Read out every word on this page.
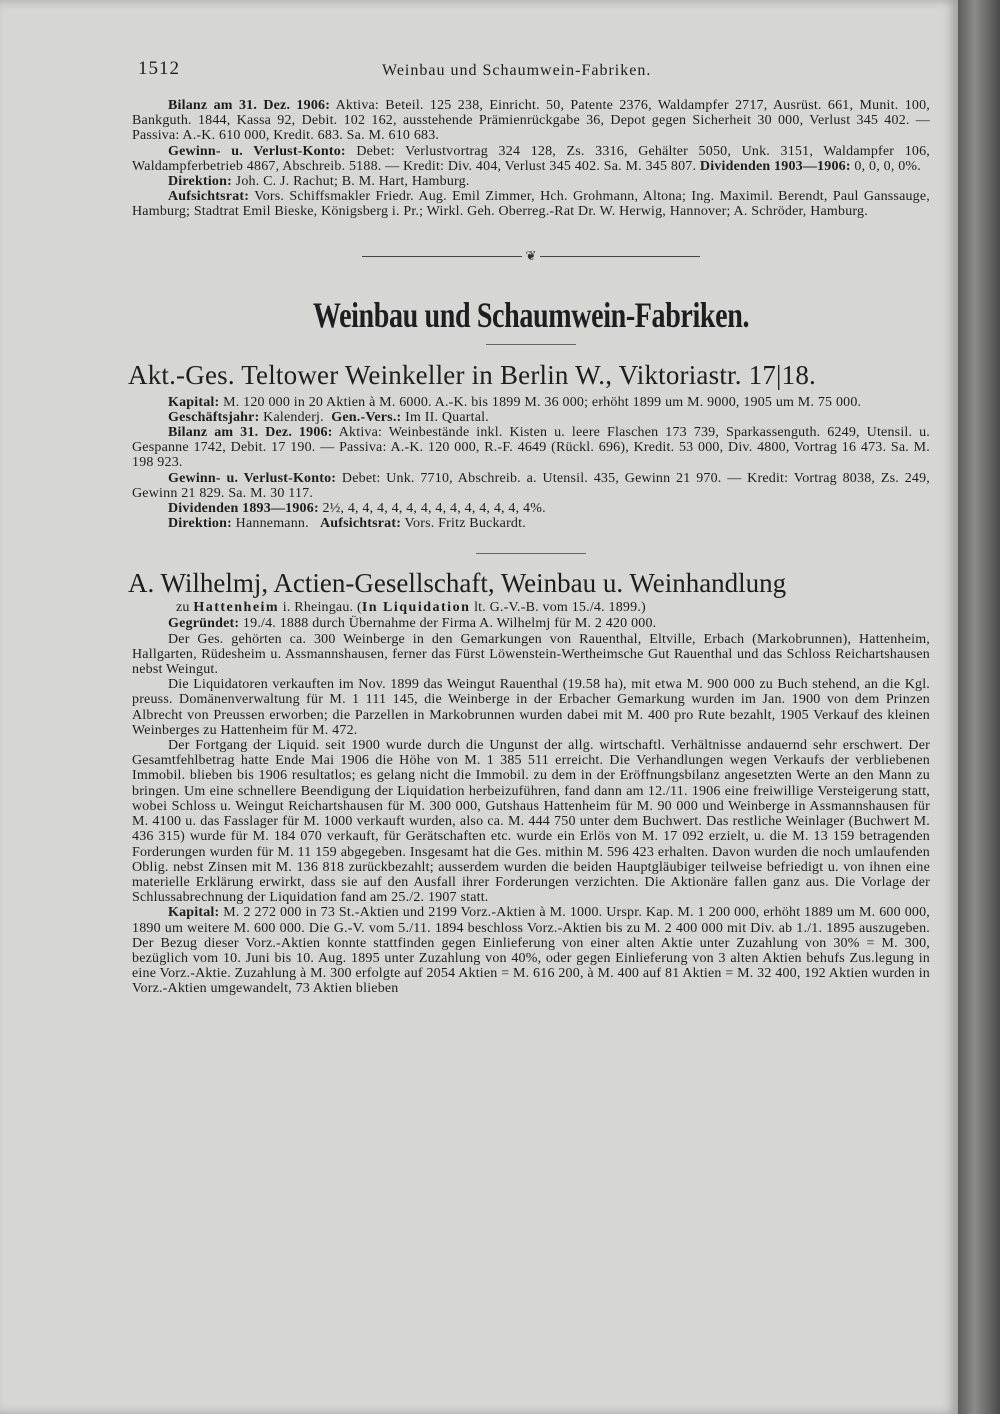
1512	Weinbau und Schaumwein-Fabriken.

Bilanz am 31. Dez. 1906: Aktiva: Beteil. 125 238, Einricht. 50, Patente 2376, Waldampfer 2717, Ausrüst. 661, Munit. 100, Bankguth. 1844, Kassa 92, Debit. 102 162, ausstehende Prämienrückgabe 36, Depot gegen Sicherheit 30 000, Verlust 345 402. — Passiva: A.-K. 610 000, Kredit. 683. Sa. M. 610 683.

Gewinn- u. Verlust-Konto: Debet: Verlustvortrag 324 128, Zs. 3316, Gehälter 5050, Unk. 3151, Waldampfer 106, Waldampferbetrieb 4867, Abschreib. 5188. — Kredit: Div. 404, Verlust 345 402. Sa. M. 345 807. Dividenden 1903—1906: 0, 0, 0, 0%.

Direktion: Joh. C. J. Rachut; B. M. Hart, Hamburg.

Aufsichtsrat: Vors. Schiffsmakler Friedr. Aug. Emil Zimmer, Hch. Grohmann, Altona; Ing. Maximil. Berendt, Paul Ganssauge, Hamburg; Stadtrat Emil Bieske, Königsberg i. Pr.; Wirkl. Geh. Oberreg.-Rat Dr. W. Herwig, Hannover; A. Schröder, Hamburg.

❦
Weinbau und Schaumwein-Fabriken.
Akt.-Ges. Teltower Weinkeller in Berlin W., Viktoriastr. 17|18.

Kapital: M. 120 000 in 20 Aktien à M. 6000. A.-K. bis 1899 M. 36 000; erhöht 1899 um M. 9000, 1905 um M. 75 000.

Geschäftsjahr: Kalenderj. Gen.-Vers.: Im II. Quartal.

Bilanz am 31. Dez. 1906: Aktiva: Weinbestände inkl. Kisten u. leere Flaschen 173 739, Sparkassenguth. 6249, Utensil. u. Gespanne 1742, Debit. 17 190. — Passiva: A.-K. 120 000, R.-F. 4649 (Rückl. 696), Kredit. 53 000, Div. 4800, Vortrag 16 473. Sa. M. 198 923.

Gewinn- u. Verlust-Konto: Debet: Unk. 7710, Abschreib. a. Utensil. 435, Gewinn 21 970. — Kredit: Vortrag 8038, Zs. 249, Gewinn 21 829. Sa. M. 30 117.

Dividenden 1893—1906: 2½, 4, 4, 4, 4, 4, 4, 4, 4, 4, 4, 4, 4, 4%.

Direktion: Hannemann. Aufsichtsrat: Vors. Fritz Buckardt.

A. Wilhelmj, Actien-Gesellschaft, Weinbau u. Weinhandlung

zu Hattenheim i. Rheingau. (In Liquidation lt. G.-V.-B. vom 15./4. 1899.)

Gegründet: 19./4. 1888 durch Übernahme der Firma A. Wilhelmj für M. 2 420 000.

Der Ges. gehörten ca. 300 Weinberge in den Gemarkungen von Rauenthal, Eltville, Erbach (Markobrunnen), Hattenheim, Hallgarten, Rüdesheim u. Assmannshausen, ferner das Fürst Löwenstein-Wertheimsche Gut Rauenthal und das Schloss Reichartshausen nebst Weingut.

Die Liquidatoren verkauften im Nov. 1899 das Weingut Rauenthal (19.58 ha), mit etwa M. 900 000 zu Buch stehend, an die Kgl. preuss. Domänenverwaltung für M. 1 111 145, die Weinberge in der Erbacher Gemarkung wurden im Jan. 1900 von dem Prinzen Albrecht von Preussen erworben; die Parzellen in Markobrunnen wurden dabei mit M. 400 pro Rute bezahlt, 1905 Verkauf des kleinen Weinberges zu Hattenheim für M. 472.

Der Fortgang der Liquid. seit 1900 wurde durch die Ungunst der allg. wirtschaftl. Verhältnisse andauernd sehr erschwert. Der Gesamtfehlbetrag hatte Ende Mai 1906 die Höhe von M. 1 385 511 erreicht. Die Verhandlungen wegen Verkaufs der verbliebenen Immobil. blieben bis 1906 resultatlos; es gelang nicht die Immobil. zu dem in der Eröffnungsbilanz angesetzten Werte an den Mann zu bringen. Um eine schnellere Beendigung der Liquidation herbeizuführen, fand dann am 12./11. 1906 eine freiwillige Versteigerung statt, wobei Schloss u. Weingut Reichartshausen für M. 300 000, Gutshaus Hattenheim für M. 90 000 und Weinberge in Assmannshausen für M. 4100 u. das Fasslager für M. 1000 verkauft wurden, also ca. M. 444 750 unter dem Buchwert. Das restliche Weinlager (Buchwert M. 436 315) wurde für M. 184 070 verkauft, für Gerätschaften etc. wurde ein Erlös von M. 17 092 erzielt, u. die M. 13 159 betragenden Forderungen wurden für M. 11 159 abgegeben. Insgesamt hat die Ges. mithin M. 596 423 erhalten. Davon wurden die noch umlaufenden Oblig. nebst Zinsen mit M. 136 818 zurückbezahlt; ausserdem wurden die beiden Hauptgläubiger teilweise befriedigt u. von ihnen eine materielle Erklärung erwirkt, dass sie auf den Ausfall ihrer Forderungen verzichten. Die Aktionäre fallen ganz aus. Die Vorlage der Schlussabrechnung der Liquidation fand am 25./2. 1907 statt.

Kapital: M. 2 272 000 in 73 St.-Aktien und 2199 Vorz.-Aktien à M. 1000. Urspr. Kap. M. 1 200 000, erhöht 1889 um M. 600 000, 1890 um weitere M. 600 000. Die G.-V. vom 5./11. 1894 beschloss Vorz.-Aktien bis zu M. 2 400 000 mit Div. ab 1./1. 1895 auszugeben. Der Bezug dieser Vorz.-Aktien konnte stattfinden gegen Einlieferung von einer alten Aktie unter Zuzahlung von 30% = M. 300, bezüglich vom 10. Juni bis 10. Aug. 1895 unter Zuzahlung von 40%, oder gegen Einlieferung von 3 alten Aktien behufs Zus.legung in eine Vorz.-Aktie. Zuzahlung à M. 300 erfolgte auf 2054 Aktien = M. 616 200, à M. 400 auf 81 Aktien = M. 32 400, 192 Aktien wurden in Vorz.-Aktien umgewandelt, 73 Aktien blieben
